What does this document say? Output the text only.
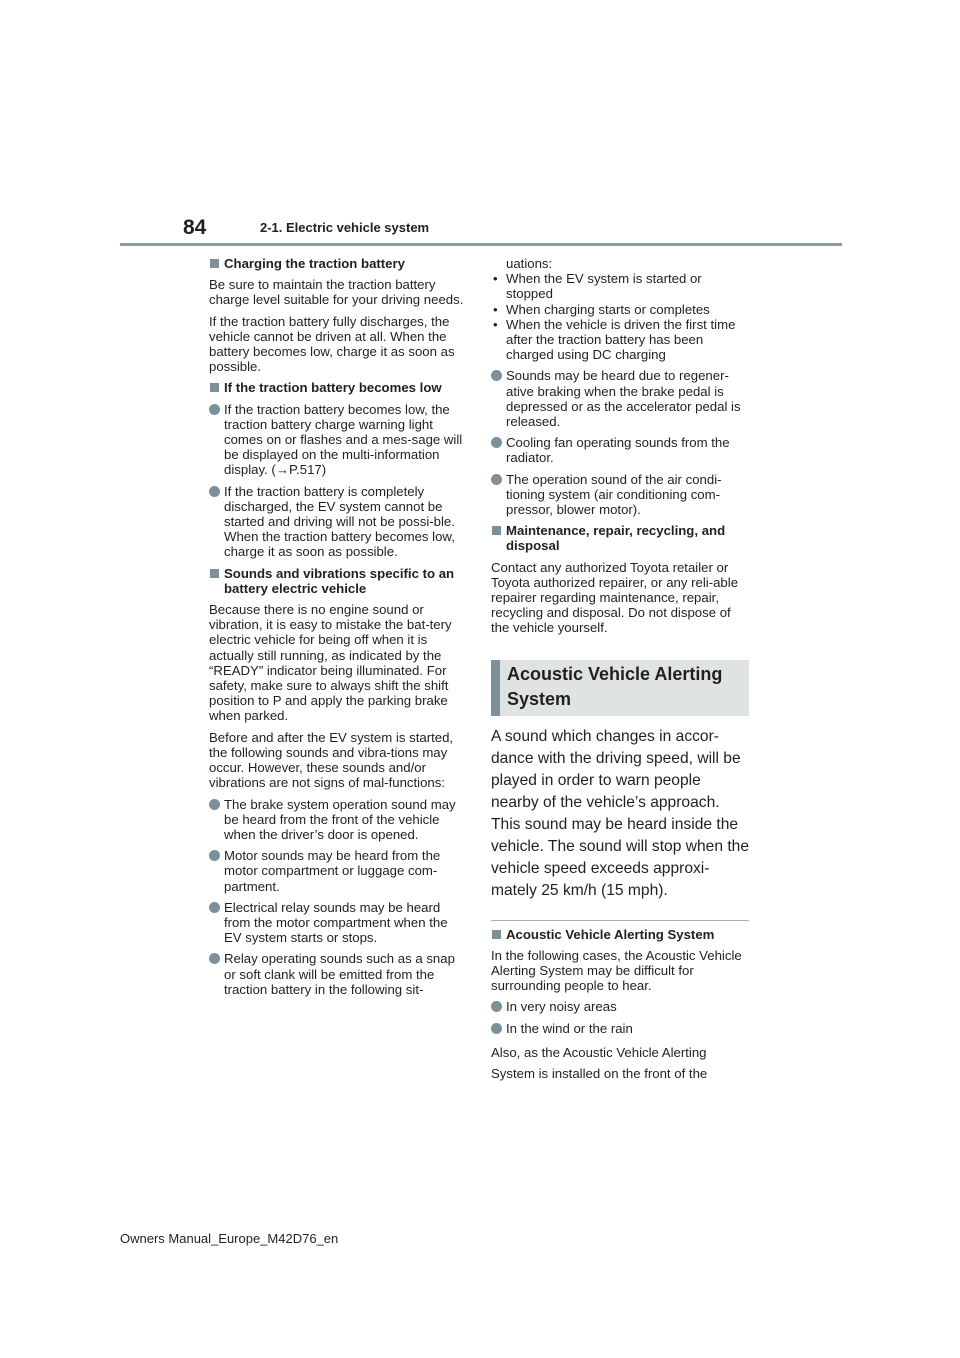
84	2-1. Electric vehicle system
Charging the traction battery
Be sure to maintain the traction battery charge level suitable for your driving needs.
If the traction battery fully discharges, the vehicle cannot be driven at all. When the battery becomes low, charge it as soon as possible.
If the traction battery becomes low
If the traction battery becomes low, the traction battery charge warning light comes on or flashes and a mes-sage will be displayed on the multi-information display. (→P.517)
If the traction battery is completely discharged, the EV system cannot be started and driving will not be possi-ble. When the traction battery becomes low, charge it as soon as possible.
Sounds and vibrations specific to an battery electric vehicle
Because there is no engine sound or vibration, it is easy to mistake the bat-tery electric vehicle for being off when it is actually still running, as indicated by the “READY” indicator being illuminated. For safety, make sure to always shift the shift position to P and apply the parking brake when parked.
Before and after the EV system is started, the following sounds and vibra-tions may occur. However, these sounds and/or vibrations are not signs of mal-functions:
The brake system operation sound may be heard from the front of the vehicle when the driver’s door is opened.
Motor sounds may be heard from the motor compartment or luggage com-partment.
Electrical relay sounds may be heard from the motor compartment when the EV system starts or stops.
Relay operating sounds such as a snap or soft clank will be emitted from the traction battery in the following sit-
uations:
• When the EV system is started or stopped
• When charging starts or completes
• When the vehicle is driven the first time after the traction battery has been charged using DC charging
Sounds may be heard due to regener-ative braking when the brake pedal is depressed or as the accelerator pedal is released.
Cooling fan operating sounds from the radiator.
The operation sound of the air condi-tioning system (air conditioning com-pressor, blower motor).
Maintenance, repair, recycling, and disposal
Contact any authorized Toyota retailer or Toyota authorized repairer, or any reli-able repairer regarding maintenance, repair, recycling and disposal. Do not dispose of the vehicle yourself.
Acoustic Vehicle Alerting System
A sound which changes in accor-dance with the driving speed, will be played in order to warn people nearby of the vehicle’s approach. This sound may be heard inside the vehicle. The sound will stop when the vehicle speed exceeds approxi-mately 25 km/h (15 mph).
Acoustic Vehicle Alerting System
In the following cases, the Acoustic Vehicle Alerting System may be difficult for surrounding people to hear.
In very noisy areas
In the wind or the rain
Also, as the Acoustic Vehicle Alerting System is installed on the front of the
Owners Manual_Europe_M42D76_en
